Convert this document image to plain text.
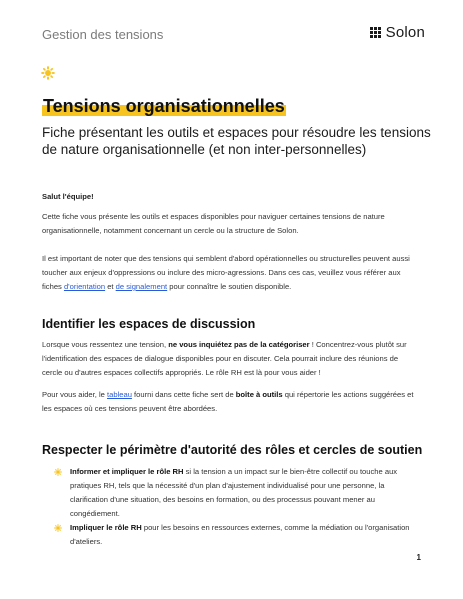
Gestion des tensions	Solon
Tensions organisationnelles

Fiche présentant les outils et espaces pour résoudre les tensions de nature organisationnelle (et non inter-personnelles)

Salut l'équipe!

Cette fiche vous présente les outils et espaces disponibles pour naviguer certaines tensions de nature organisationnelle, notamment concernant un cercle ou la structure de Solon.

Il est important de noter que des tensions qui semblent d'abord opérationnelles ou structurelles peuvent aussi toucher aux enjeux d'oppressions ou inclure des micro-agressions. Dans ces cas, veuillez vous référer aux fiches d'orientation et de signalement pour connaître le soutien disponible.

Identifier les espaces de discussion

Lorsque vous ressentez une tension, ne vous inquiétez pas de la catégoriser ! Concentrez-vous plutôt sur l'identification des espaces de dialogue disponibles pour en discuter. Cela pourrait inclure des réunions de cercle ou d'autres espaces collectifs appropriés. Le rôle RH est là pour vous aider !

Pour vous aider, le tableau fourni dans cette fiche sert de boîte à outils qui répertorie les actions suggérées et les espaces où ces tensions peuvent être abordées.

Respecter le périmètre d'autorité des rôles et cercles de soutien
Informer et impliquer le rôle RH si la tension a un impact sur le bien-être collectif ou touche aux pratiques RH, tels que la nécessité d'un plan d'ajustement individualisé pour une personne, la clarification d'une situation, des besoins en formation, ou des processus pouvant mener au congédiement.
Impliquer le rôle RH pour les besoins en ressources externes, comme la médiation ou l'organisation d'ateliers.
1
